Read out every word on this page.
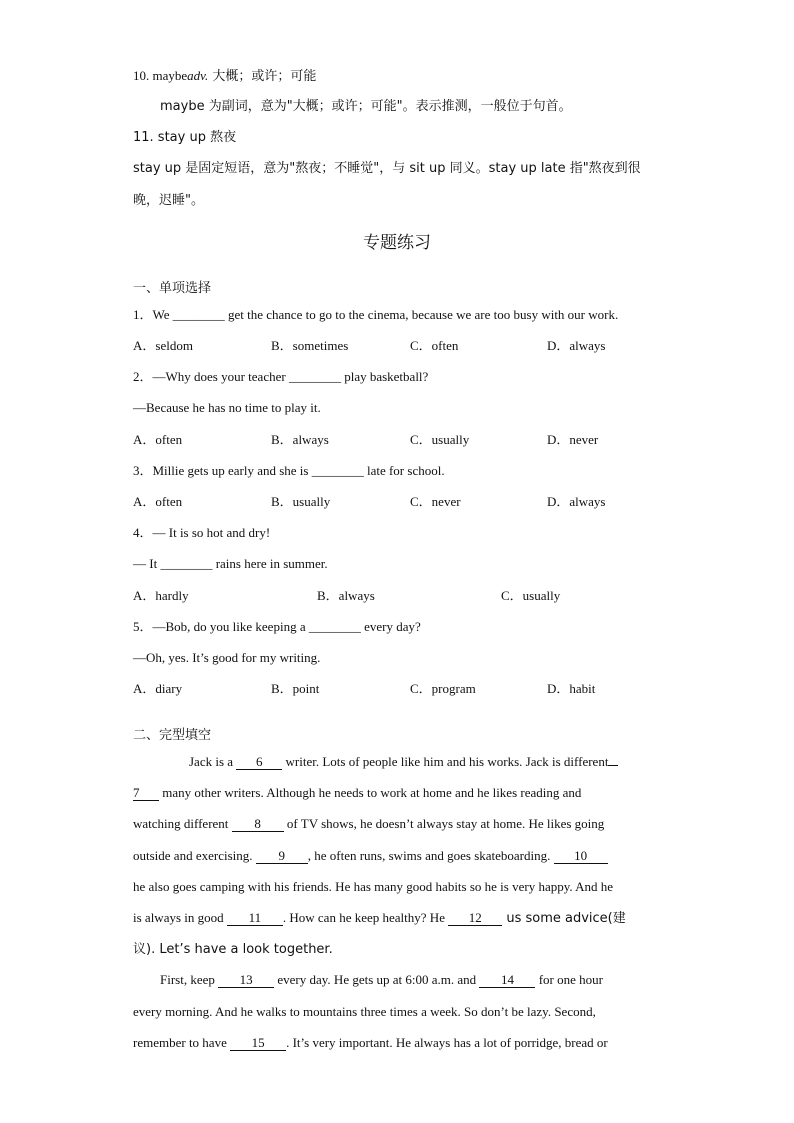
10. maybeadv. 大概；或许；可能
maybe 为副词，意为"大概；或许；可能"。表示推测，一般位于句首。
11. stay up 熬夜
stay up 是固定短语，意为"熬夜；不睡觉"，与 sit up 同义。stay up late 指"熬夜到很
晚，迟睡"。
专题练习
一、单项选择
1．We ________ get the chance to go to the cinema, because we are too busy with our work.
A．seldom	B．sometimes	C．often	D．always
2．—Why does your teacher ________ play basketball?
—Because he has no time to play it.
A．often	B．always	C．usually	D．never
3．Millie gets up early and she is ________ late for school.
A．often	B．usually	C．never	D．always
4．— It is so hot and dry!
— It ________ rains here in summer.
A．hardly	B．always	C．usually
5．—Bob, do you like keeping a ________ every day?
—Oh, yes. It’s good for my writing.
A．diary	B．point	C．program	D．habit
二、完型填空
Jack is a 6 writer. Lots of people like him and his works. Jack is different
7 many other writers. Although he needs to work at home and he likes reading and
watching different 8 of TV shows, he doesn’t always stay at home. He likes going
outside and exercising. 9 , he often runs, swims and goes skateboarding. 10
he also goes camping with his friends. He has many good habits so he is very happy. And he
is always in good 11 . How can he keep healthy? He 12 us some advice(建
议). Let’s have a look together.
First, keep 13 every day. He gets up at 6:00 a.m. and 14 for one hour
every morning. And he walks to mountains three times a week. So don’t be lazy. Second,
remember to have 15 . It’s very important. He always has a lot of porridge, bread or
